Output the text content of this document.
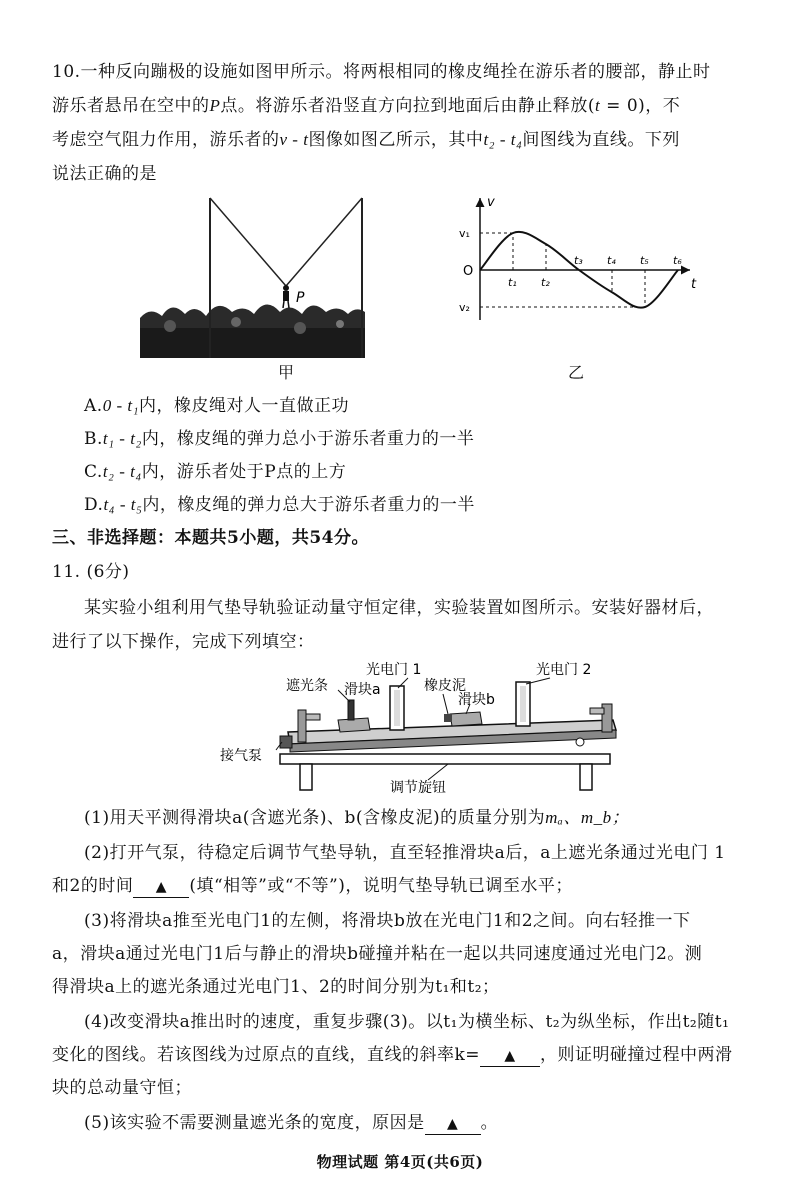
10.一种反向蹦极的设施如图甲所示。将两根相同的橡皮绳拴在游乐者的腰部，静止时
游乐者悬吊在空中的P点。将游乐者沿竖直方向拉到地面后由静止释放(t = 0)，不
考虑空气阻力作用，游乐者的v - t图像如图乙所示，其中t₂ - t₄间图线为直线。下列
说法正确的是
P
甲
v
t
O
v₁
v₂
t₁ t₂
t₃ t₄ t₅ t₆
乙
A.0 - t₁内，橡皮绳对人一直做正功
B.t₁ - t₂内，橡皮绳的弹力总小于游乐者重力的一半
C.t₂ - t₄内，游乐者处于P点的上方
D.t₄ - t₅内，橡皮绳的弹力总大于游乐者重力的一半
三、非选择题：本题共5小题，共54分。
11. (6分)
某实验小组利用气垫导轨验证动量守恒定律，实验装置如图所示。安装好器材后，
进行了以下操作，完成下列填空：
遮光条 滑块a
光电门 1
橡皮泥
滑块b
光电门 2
接气泵
调节旋钮
(1)用天平测得滑块a(含遮光条)、b(含橡皮泥)的质量分别为mₐ、m_b；
(2)打开气泵，待稳定后调节气垫导轨，直至轻推滑块a后，a上遮光条通过光电门 1
和2的时间 ▲ (填“相等”或“不等”)，说明气垫导轨已调至水平；
(3)将滑块a推至光电门1的左侧，将滑块b放在光电门1和2之间。向右轻推一下
a，滑块a通过光电门1后与静止的滑块b碰撞并粘在一起以共同速度通过光电门2。测
得滑块a上的遮光条通过光电门1、2的时间分别为t₁和t₂；
(4)改变滑块a推出时的速度，重复步骤(3)。以t₁为横坐标、t₂为纵坐标，作出t₂随t₁
变化的图线。若该图线为过原点的直线，直线的斜率k= ▲ ，则证明碰撞过程中两滑
块的总动量守恒；
(5)该实验不需要测量遮光条的宽度，原因是 ▲ 。
物理试题 第4页(共6页)
